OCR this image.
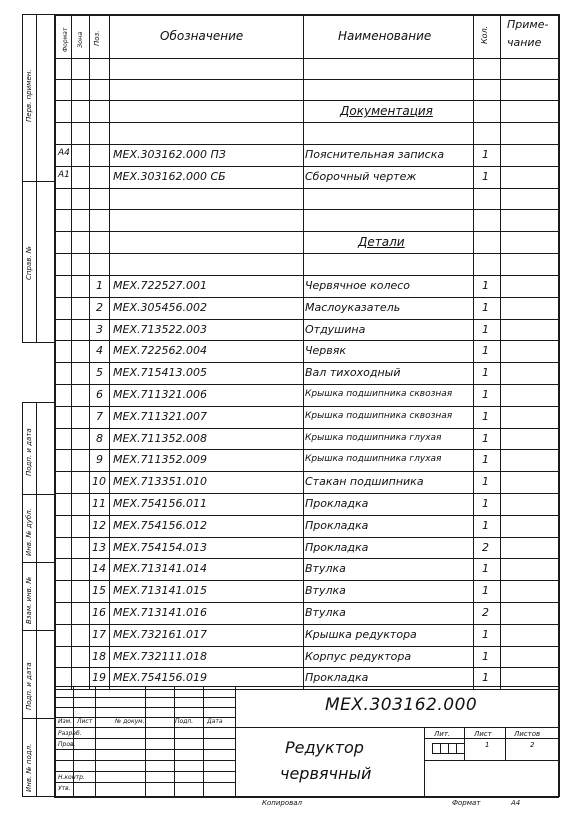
Перв. примен.
Справ. №
Подп. и дата
Инв. № дубл.
Взам. инв. №
Подп. и дата
Инв. № подл.
Формат Зона Поз.	Обозначение	Наименование	Кол.
Приме-
чание
Документация
Детали
А4	МЕХ.303162.000 ПЗ	Пояснительная записка	1
А1	МЕХ.303162.000 СБ	Сборочный чертеж	1
1 МЕХ.722527.001	Червячное колесо	1
2 МЕХ.305456.002	Маслоуказатель	1
3 МЕХ.713522.003	Отдушина	1
4 МЕХ.722562.004	Червяк	1
5 МЕХ.715413.005	Вал тихоходный	1
6 МЕХ.711321.006	Крышка подшипника сквозная	1
7 МЕХ.711321.007	Крышка подшипника сквозная	1
8 МЕХ.711352.008	Крышка подшипника глухая	1
9 МЕХ.711352.009	Крышка подшипника глухая	1
10 МЕХ.713351.010	Стакан подшипника	1
11 МЕХ.754156.011	Прокладка	1
12 МЕХ.754156.012	Прокладка	1
13 МЕХ.754154.013	Прокладка	2
14 МЕХ.713141.014	Втулка	1
15 МЕХ.713141.015	Втулка	1
16 МЕХ.713141.016	Втулка	2
17 МЕХ.732161.017	Крышка редуктора	1
18 МЕХ.732111.018	Корпус редуктора	1
19 МЕХ.754156.019	Прокладка	1
МЕХ.303162.000
Изм. Лист	№ докум.	Подп. Дата
Разраб.
Пров.
Н.контр.
Утв.
Редуктор
червячный
Лит.	Лист	Листов
1	2
Копировал	Формат	А4
